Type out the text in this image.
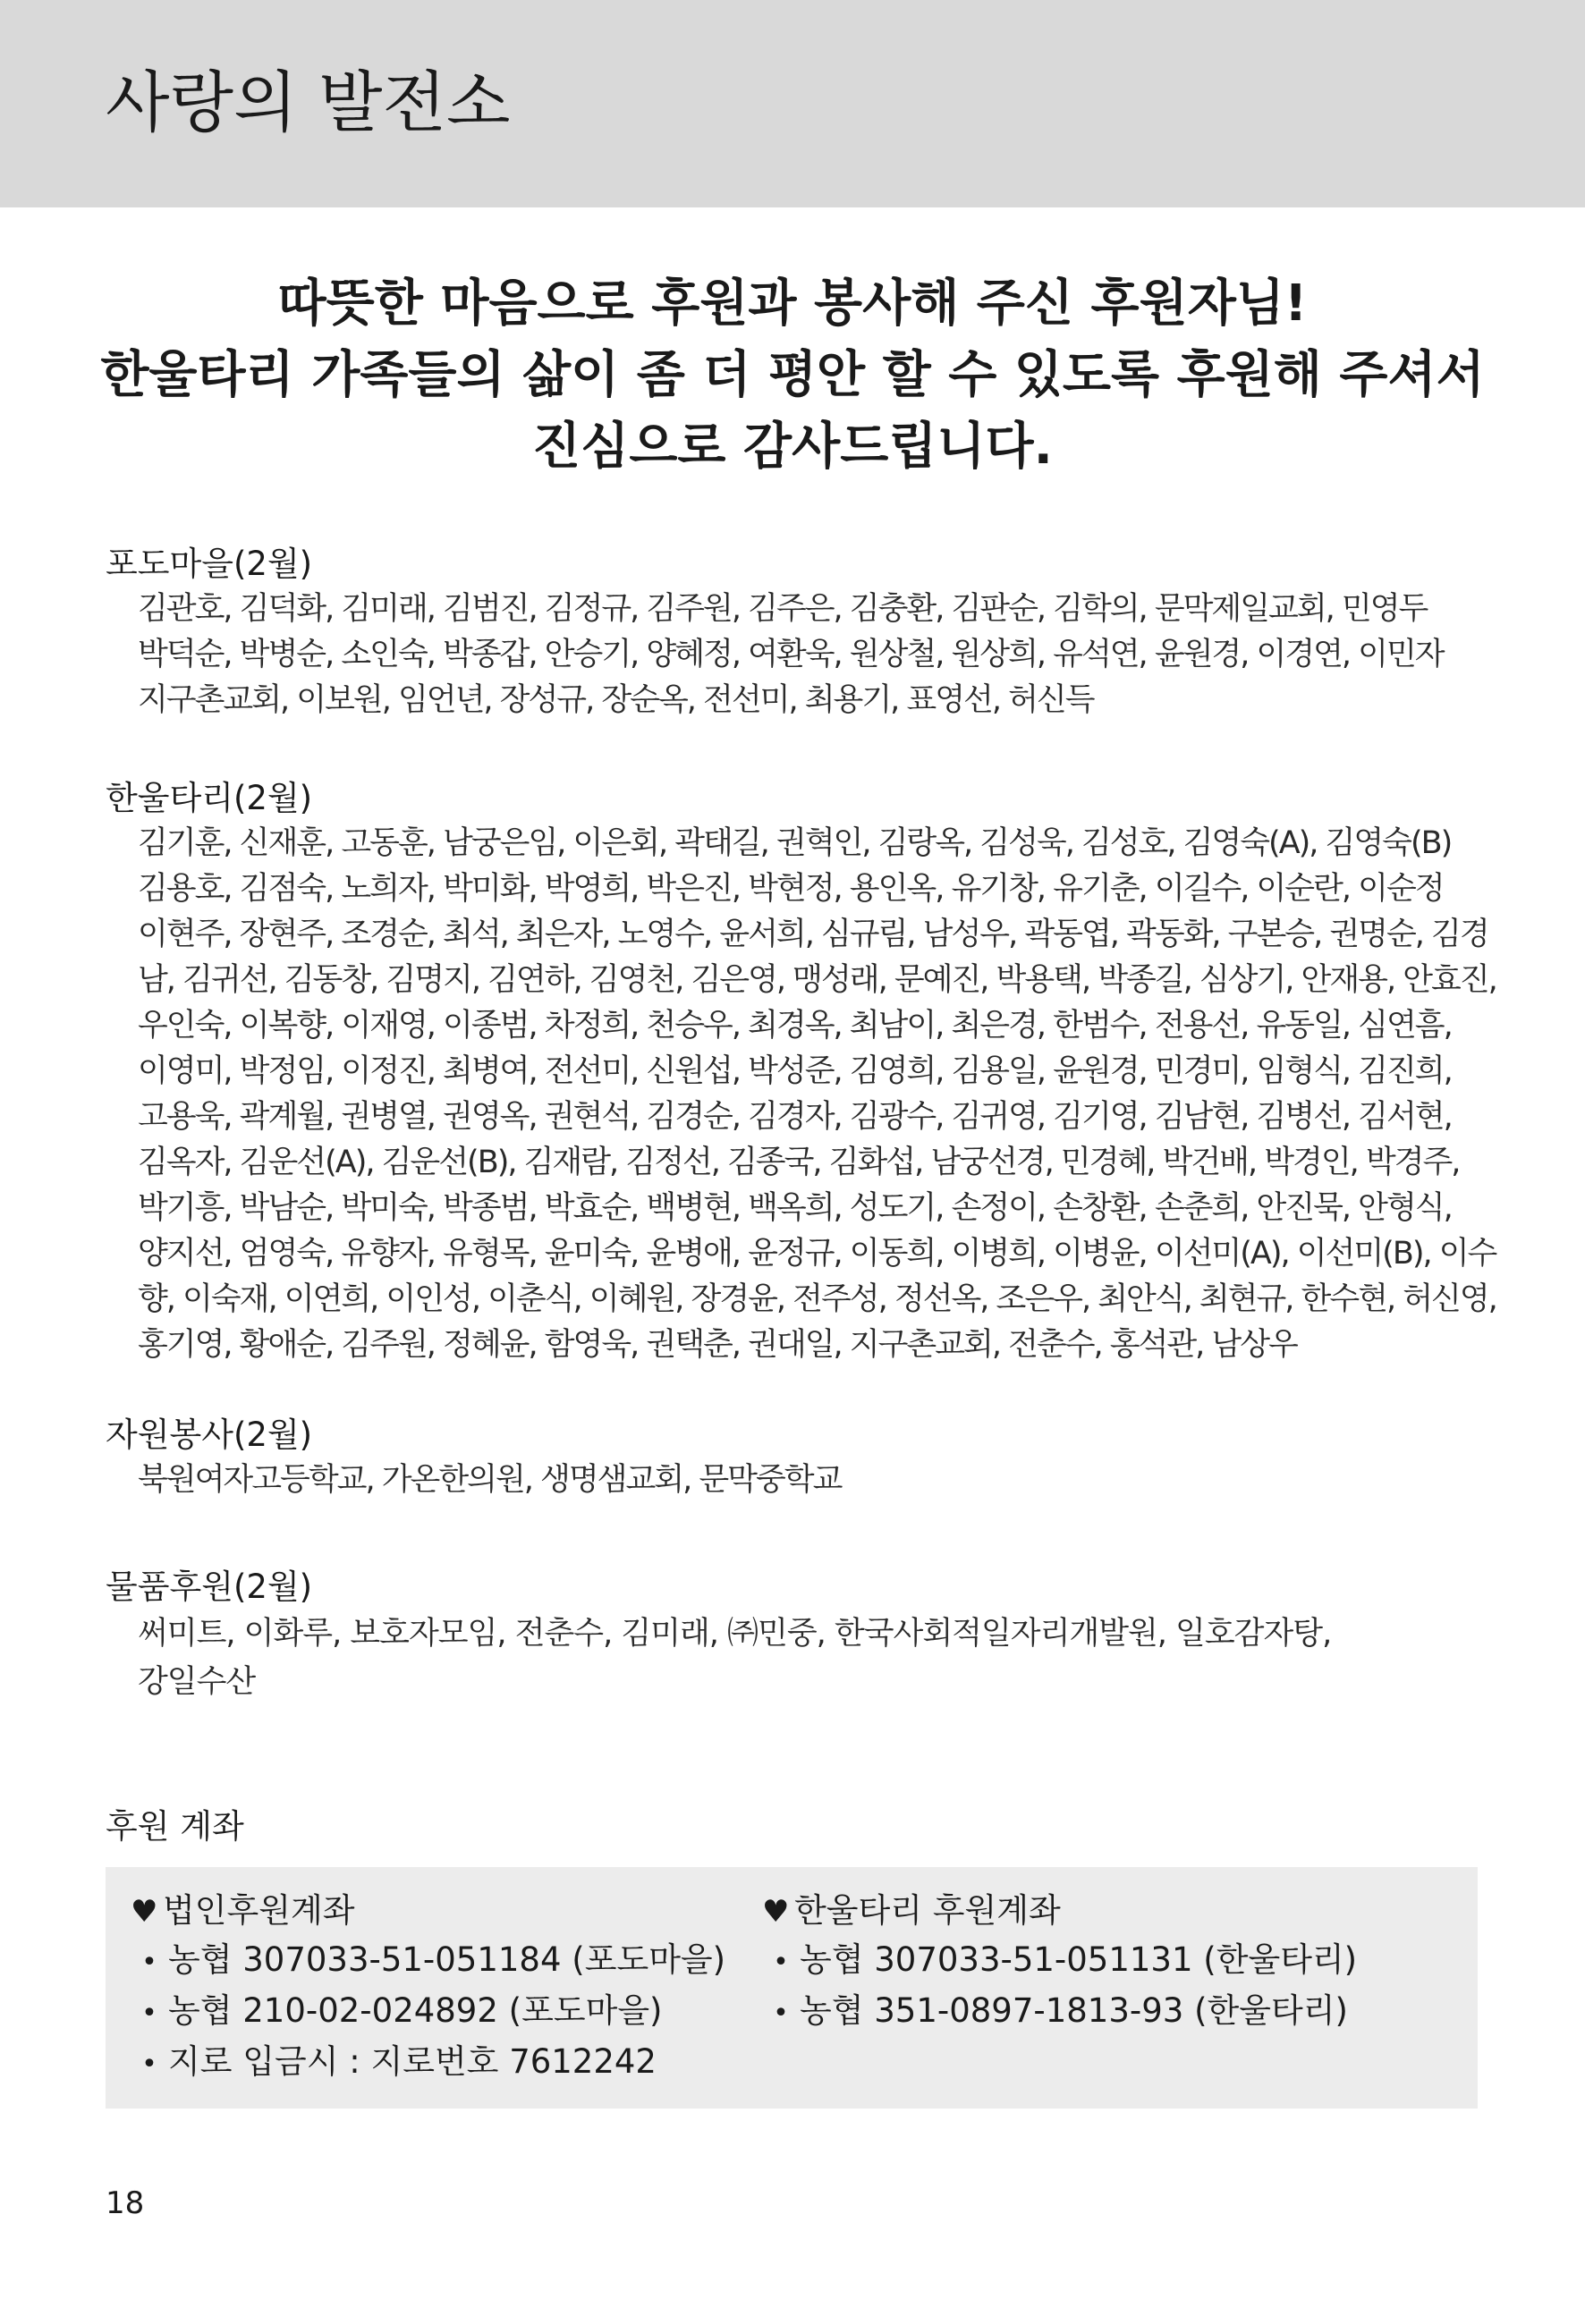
사랑의 발전소
따뜻한 마음으로 후원과 봉사해 주신 후원자님!
한울타리 가족들의 삶이 좀 더 평안 할 수 있도록 후원해 주셔서
진심으로 감사드립니다.
포도마을(2월)
김관호, 김덕화, 김미래, 김범진, 김정규, 김주원, 김주은, 김충환, 김판순, 김학의, 문막제일교회, 민영두
박덕순, 박병순, 소인숙, 박종갑, 안승기, 양혜정, 여환욱, 원상철, 원상희, 유석연, 윤원경, 이경연, 이민자
지구촌교회, 이보원, 임언년, 장성규, 장순옥, 전선미, 최용기, 표영선, 허신득
한울타리(2월)
김기훈, 신재훈, 고동훈, 남궁은임, 이은회, 곽태길, 권혁인, 김랑옥, 김성욱, 김성호, 김영숙(A), 김영숙(B)
김용호, 김점숙, 노희자, 박미화, 박영희, 박은진, 박현정, 용인옥, 유기창, 유기춘, 이길수, 이순란, 이순정
이현주, 장현주, 조경순, 최석, 최은자, 노영수, 윤서희, 심규림, 남성우, 곽동엽, 곽동화, 구본승, 권명순, 김경
남, 김귀선, 김동창, 김명지, 김연하, 김영천, 김은영, 맹성래, 문예진, 박용택, 박종길, 심상기, 안재용, 안효진,
우인숙, 이복향, 이재영, 이종범, 차정희, 천승우, 최경옥, 최남이, 최은경, 한범수, 전용선, 유동일, 심연흠,
이영미, 박정임, 이정진, 최병여, 전선미, 신원섭, 박성준, 김영희, 김용일, 윤원경, 민경미, 임형식, 김진희,
고용욱, 곽계월, 권병열, 권영옥, 권현석, 김경순, 김경자, 김광수, 김귀영, 김기영, 김남현, 김병선, 김서현,
김옥자, 김운선(A), 김운선(B), 김재람, 김정선, 김종국, 김화섭, 남궁선경, 민경혜, 박건배, 박경인, 박경주,
박기흥, 박남순, 박미숙, 박종범, 박효순, 백병현, 백옥희, 성도기, 손정이, 손창환, 손춘희, 안진묵, 안형식,
양지선, 엄영숙, 유향자, 유형목, 윤미숙, 윤병애, 윤정규, 이동희, 이병희, 이병윤, 이선미(A), 이선미(B), 이수
향, 이숙재, 이연희, 이인성, 이춘식, 이혜원, 장경윤, 전주성, 정선옥, 조은우, 최안식, 최현규, 한수현, 허신영,
홍기영, 황애순, 김주원, 정혜윤, 함영욱, 권택춘, 권대일, 지구촌교회, 전춘수, 홍석관, 남상우
자원봉사(2월)
북원여자고등학교, 가온한의원, 생명샘교회, 문막중학교
물품후원(2월)
써미트, 이화루, 보호자모임, 전춘수, 김미래, ㈜민중, 한국사회적일자리개발원, 일호감자탕,
강일수산
후원 계좌
♥ 법인후원계좌
• 농협 307033-51-051184 (포도마을)
• 농협 210-02-024892 (포도마을)
• 지로 입금시 : 지로번호 7612242
♥ 한울타리 후원계좌
• 농협 307033-51-051131 (한울타리)
• 농협 351-0897-1813-93 (한울타리)
18
